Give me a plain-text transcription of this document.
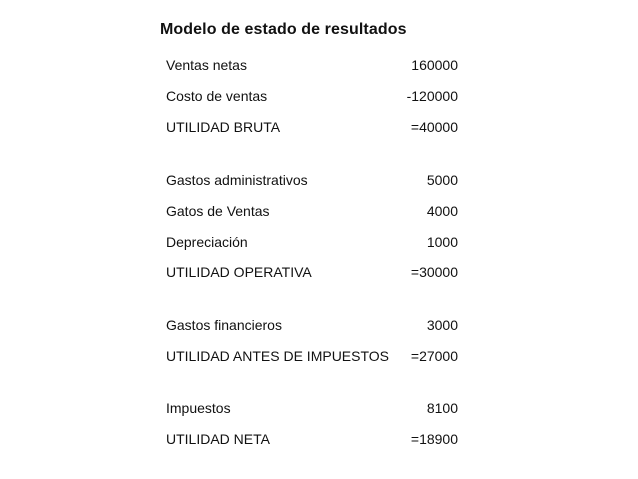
Modelo de estado de resultados
Ventas netas	160000
Costo de ventas	-120000
UTILIDAD BRUTA	=40000
Gastos administrativos	5000
Gatos de Ventas	4000
Depreciación	1000
UTILIDAD OPERATIVA	=30000
Gastos financieros	3000
UTILIDAD ANTES DE IMPUESTOS =27000
Impuestos	8100
UTILIDAD NETA	=18900
